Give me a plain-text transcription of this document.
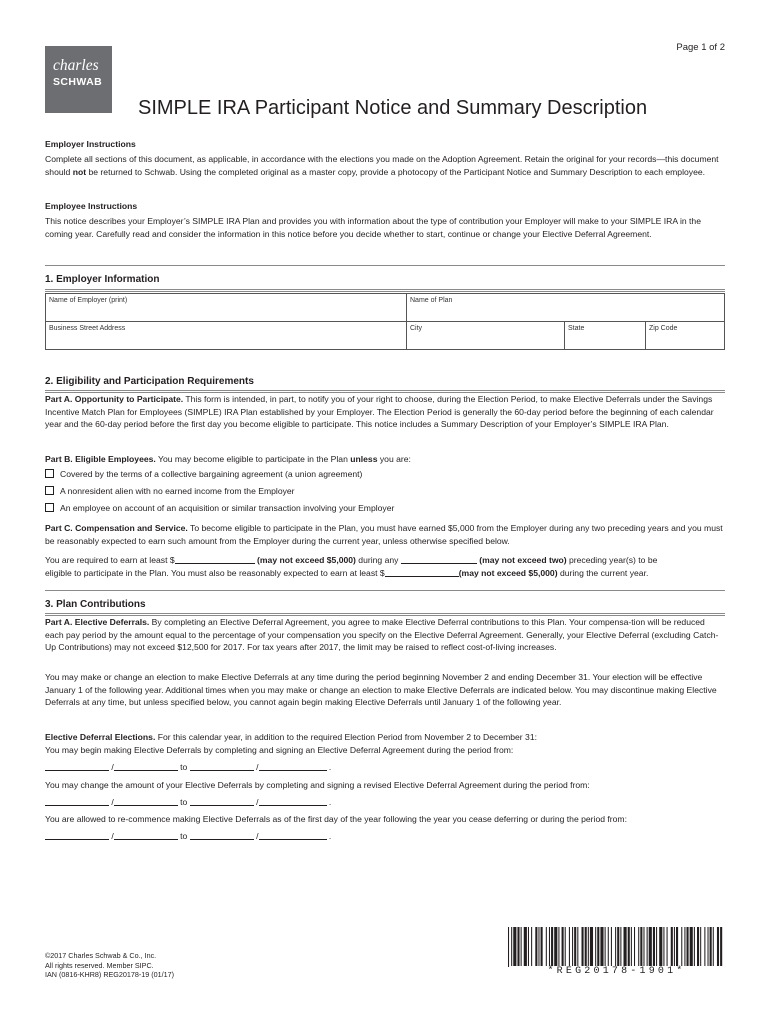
charles
SCHWAB
Page 1 of 2
SIMPLE IRA Participant Notice and Summary Description
Employer Instructions
Complete all sections of this document, as applicable, in accordance with the elections you made on the Adoption Agreement. Retain the original for your records—this document should not be returned to Schwab. Using the completed original as a master copy, provide a photocopy of the Participant Notice and Summary Description to each employee.
Employee Instructions
This notice describes your Employer’s SIMPLE IRA Plan and provides you with information about the type of contribution your Employer will make to your SIMPLE IRA in the coming year. Carefully read and consider the information in this notice before you decide whether to start, continue or change your Elective Deferral Agreement.
1. Employer Information
Name of Employer (print)	Name of Plan
Business Street Address	City	State	Zip Code
2. Eligibility and Participation Requirements
Part A. Opportunity to Participate. This form is intended, in part, to notify you of your right to choose, during the Election Period, to make Elective Deferrals under the Savings Incentive Match Plan for Employees (SIMPLE) IRA Plan established by your Employer. The Election Period is generally the 60-day period before the beginning of each calendar year and the 60-day period before the first day you become eligible to participate. This notice includes a Summary Description of your Employer’s SIMPLE IRA Plan.
Part B. Eligible Employees. You may become eligible to participate in the Plan unless you are:
Covered by the terms of a collective bargaining agreement (a union agreement)
A nonresident alien with no earned income from the Employer
An employee on account of an acquisition or similar transaction involving your Employer
Part C. Compensation and Service. To become eligible to participate in the Plan, you must have earned $5,000 from the Employer during any two preceding years and you must be reasonably expected to earn such amount from the Employer during the current year, unless otherwise specified below.
You are required to earn at least $	(may not exceed $5,000) during any	(may not exceed two) preceding year(s) to be
eligible to participate in the Plan. You must also be reasonably expected to earn at least $	(may not exceed $5,000) during the current year.
3. Plan Contributions
Part A. Elective Deferrals. By completing an Elective Deferral Agreement, you agree to make Elective Deferral contributions to this Plan. Your compensa-tion will be reduced each pay period by the amount equal to the percentage of your compensation you specify on the Elective Deferral Agreement. Generally, your Elective Deferral (excluding Catch-Up Contributions) may not exceed $12,500 for 2017. For tax years after 2017, the limit may be raised to reflect cost-of-living increases.
You may make or change an election to make Elective Deferrals at any time during the period beginning November 2 and ending December 31. Your election will be effective January 1 of the following year. Additional times when you may make or change an election to make Elective Deferrals are indicated below. You may discontinue making Elective Deferrals at any time, but unless specified below, you cannot again begin making Elective Deferrals until January 1 of the following year.
Elective Deferral Elections. For this calendar year, in addition to the required Election Period from November 2 to December 31:
You may begin making Elective Deferrals by completing and signing an Elective Deferral Agreement during the period from:
/	to	/	.
You may change the amount of your Elective Deferrals by completing and signing a revised Elective Deferral Agreement during the period from:
/	to	/	.
You are allowed to re-commence making Elective Deferrals as of the first day of the year following the year you cease deferring or during the period from:
/	to	/	.
©2017 Charles Schwab & Co., Inc.
All rights reserved. Member SIPC.
IAN (0816-KHR8) REG20178-19 (01/17)	*REG20178-1901*
